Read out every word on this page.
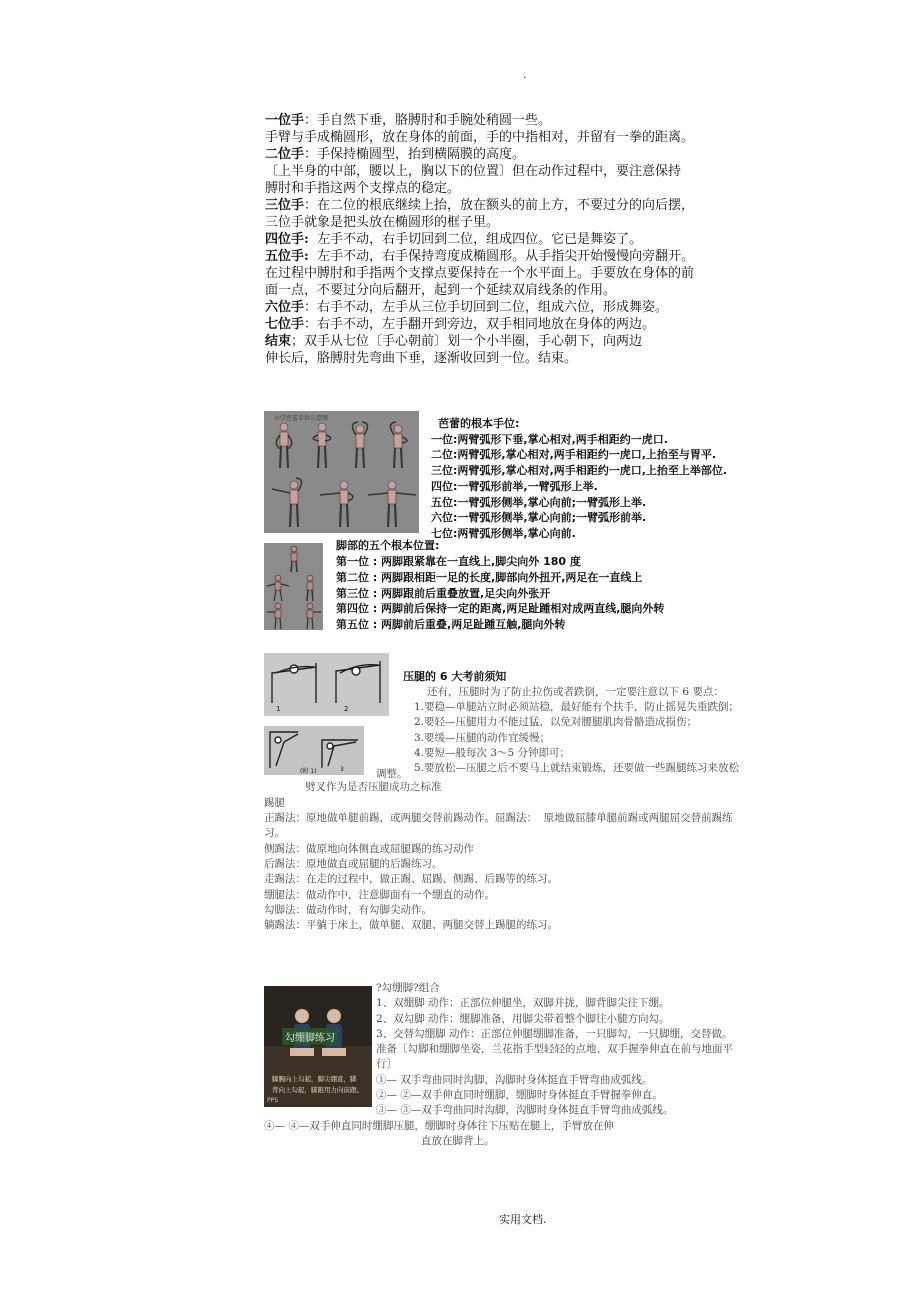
.
一位手：手自然下垂，胳膊肘和手腕处稍圆一些。
手臂与手成椭圆形，放在身体的前面，手的中指相对，并留有一拳的距离。
二位手：手保持椭圆型，抬到横隔膜的高度。
〔上半身的中部，腰以上，胸以下的位置〕但在动作过程中，要注意保持
膊肘和手指这两个支撑点的稳定。
三位手：在二位的根底继续上抬，放在额头的前上方，不要过分的向后摆，
三位手就象是把头放在椭圆形的框子里。
四位手:  左手不动，右手切回到二位，组成四位。它已是舞姿了。
五位手:  左手不动，右手保持弯度成椭圆形。从手指尖开始慢慢向旁翻开。
在过程中膊肘和手指两个支撑点要保持在一个水平面上。手要放在身体的前
面一点，不要过分向后翻开，起到一个延续双肩线条的作用。
六位手：右手不动，左手从三位手切回到二位，组成六位，形成舞姿。
七位手：右手不动，左手翻开到旁边，双手相同地放在身体的两边。
结束；双手从七位〔手心朝前〕划一个小半圈，手心朝下，向两边
伸长后，胳膊肘先弯曲下垂，逐渐收回到一位。结束。
小学芭蕾手位示意图	芭蕾的根本手位:
一位:两臂弧形下垂,掌心相对,两手相距约一虎口.
二位:两臂弧形,掌心相对,两手相距约一虎口,上抬至与胃平.
三位:两臂弧形,掌心相对,两手相距约一虎口,上抬至上举部位.
四位:一臂弧形前举,一臂弧形上举.
五位:一臂弧形侧举,掌心向前;一臂弧形上举.
六位:一臂弧形侧举,掌心向前;一臂弧形前举.
七位:两臂弧形侧举,掌心向前.
脚部的五个根本位置:
第一位 : 两脚跟紧靠在一直线上,脚尖向外 180 度
第二位 : 两脚跟相距一足的长度,脚部向外扭开,两足在一直线上
第三位 : 两脚跟前后重叠放置,足尖向外张开
第四位 : 两脚前后保持一定的距离,两足趾踵相对成两直线,腿向外转
第五位 : 两脚前后重叠,两足趾踵互触,腿向外转
1	2
(附 1)	3
压腿的 6 大考前须知
还有，压腿时为了防止拉伤或者跌倒，一定要注意以下 6 要点：
1.要稳—单腿站立时必须站稳，最好能有个扶手，防止摇晃失重跌倒；
2.要轻—压腿用力不能过猛，以免对腰腿肌肉骨骼造成损伤；
3.要缓—压腿的动作宜缓慢；
4.要短—般每次 3～5 分钟即可；
5.要放松—压腿之后不要马上就结束锻炼，还要做一些踢腿练习来放松
调整。
劈叉作为是否压腿成功之标准
踢腿
正踢法：原地做单腿前踢，或两腿交替前踢动作。屈踢法：  原地做屈膝单腿前踢或两腿屈交替前踢练
习。
侧踢法：做原地向体侧直或屈腿踢的练习动作
后踢法：原地做直或屈腿的后踢练习。
走踢法：在走的过程中，做正踢、屈踢、侧踢、后踢等的练习。
绷腿法：做动作中，注意脚面有一个绷直的动作。
勾脚法：做动作时，有勾脚尖动作。
躺踢法：平躺于床上，做单腿、双腿、两腿交替上踢腿的练习。
勾绷脚练习
脚腕向上勾起，脚尖绷直，脚
背向上勾起，脚跟用力向前蹬。
PPS
?勾绷脚?组合
1、双绷脚 动作：正部位伸腿坐，双脚并拢，脚背脚尖往下绷。
2、双勾脚 动作：绷脚准备，用脚尖带着整个脚往小腿方向勾。
3、交替勾绷脚 动作：正部位伸腿绷脚准备，一只脚勾，一只脚绷，交替做。
准备〔勾脚和绷脚坐姿，兰花指手型轻轻的点地、双手握拳伸直在前与地面平
行〕
①— 双手弯曲同时沟脚，沟脚时身体挺直手臂弯曲成弧线。
②— ②—双手伸直同时绷脚，绷脚时身体挺直手臂握拳伸直。
③— ③—双手弯曲同时沟脚，沟脚时身体挺直手臂弯曲成弧线。
④— ④—双手伸直同时绷脚压腿，绷脚时身体往下压贴在腿上，手臂放在伸
直放在脚背上。
实用文档.
